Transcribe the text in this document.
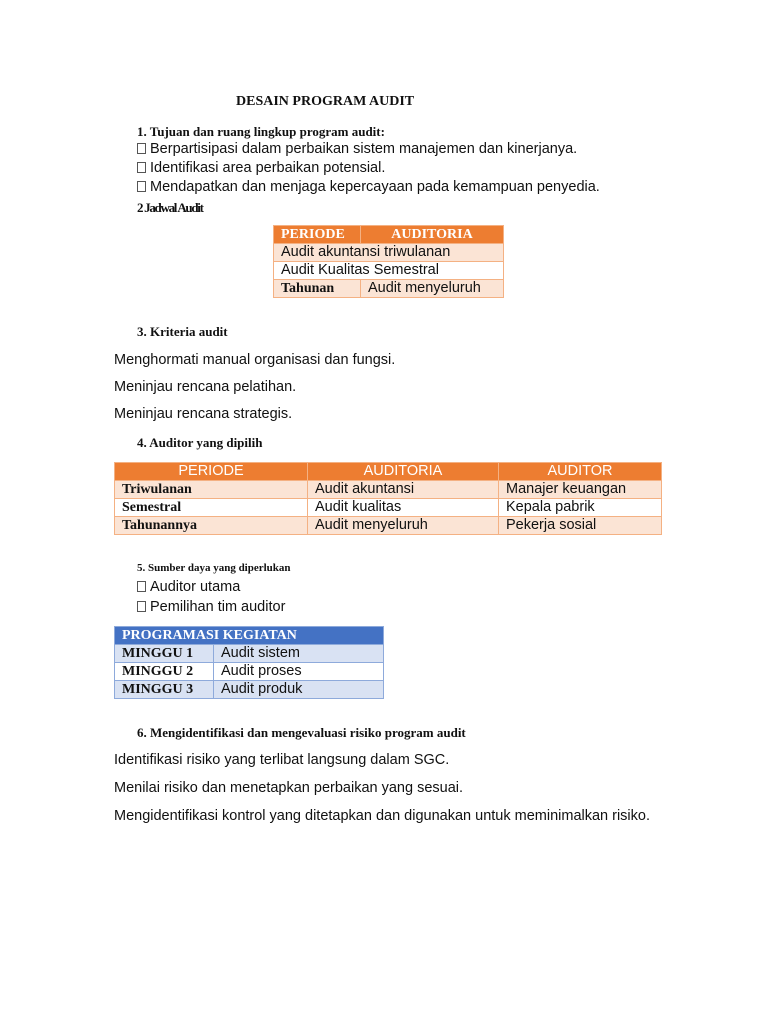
DESAIN PROGRAM AUDIT
1. Tujuan dan ruang lingkup program audit:
Berpartisipasi dalam perbaikan sistem manajemen dan kinerjanya.
Identifikasi area perbaikan potensial.
Mendapatkan dan menjaga kepercayaan pada kemampuan penyedia.
2 Jadwal Audit
PERIODE	AUDITORIA
Audit akuntansi triwulanan	
Audit Kualitas Semestral	
Tahunan	Audit menyeluruh
3. Kriteria audit
Menghormati manual organisasi dan fungsi.
Meninjau rencana pelatihan.
Meninjau rencana strategis.
4. Auditor yang dipilih
PERIODE	AUDITORIA	AUDITOR
Triwulanan	Audit akuntansi	Manajer keuangan
Semestral	Audit kualitas	Kepala pabrik
Tahunannya	Audit menyeluruh	Pekerja sosial
5. Sumber daya yang diperlukan
Auditor utama
Pemilihan tim auditor
PROGRAMASI KEGIATAN	
MINGGU 1	Audit sistem
MINGGU 2	Audit proses
MINGGU 3	Audit produk
6. Mengidentifikasi dan mengevaluasi risiko program audit
Identifikasi risiko yang terlibat langsung dalam SGC.
Menilai risiko dan menetapkan perbaikan yang sesuai.
Mengidentifikasi kontrol yang ditetapkan dan digunakan untuk meminimalkan risiko.
